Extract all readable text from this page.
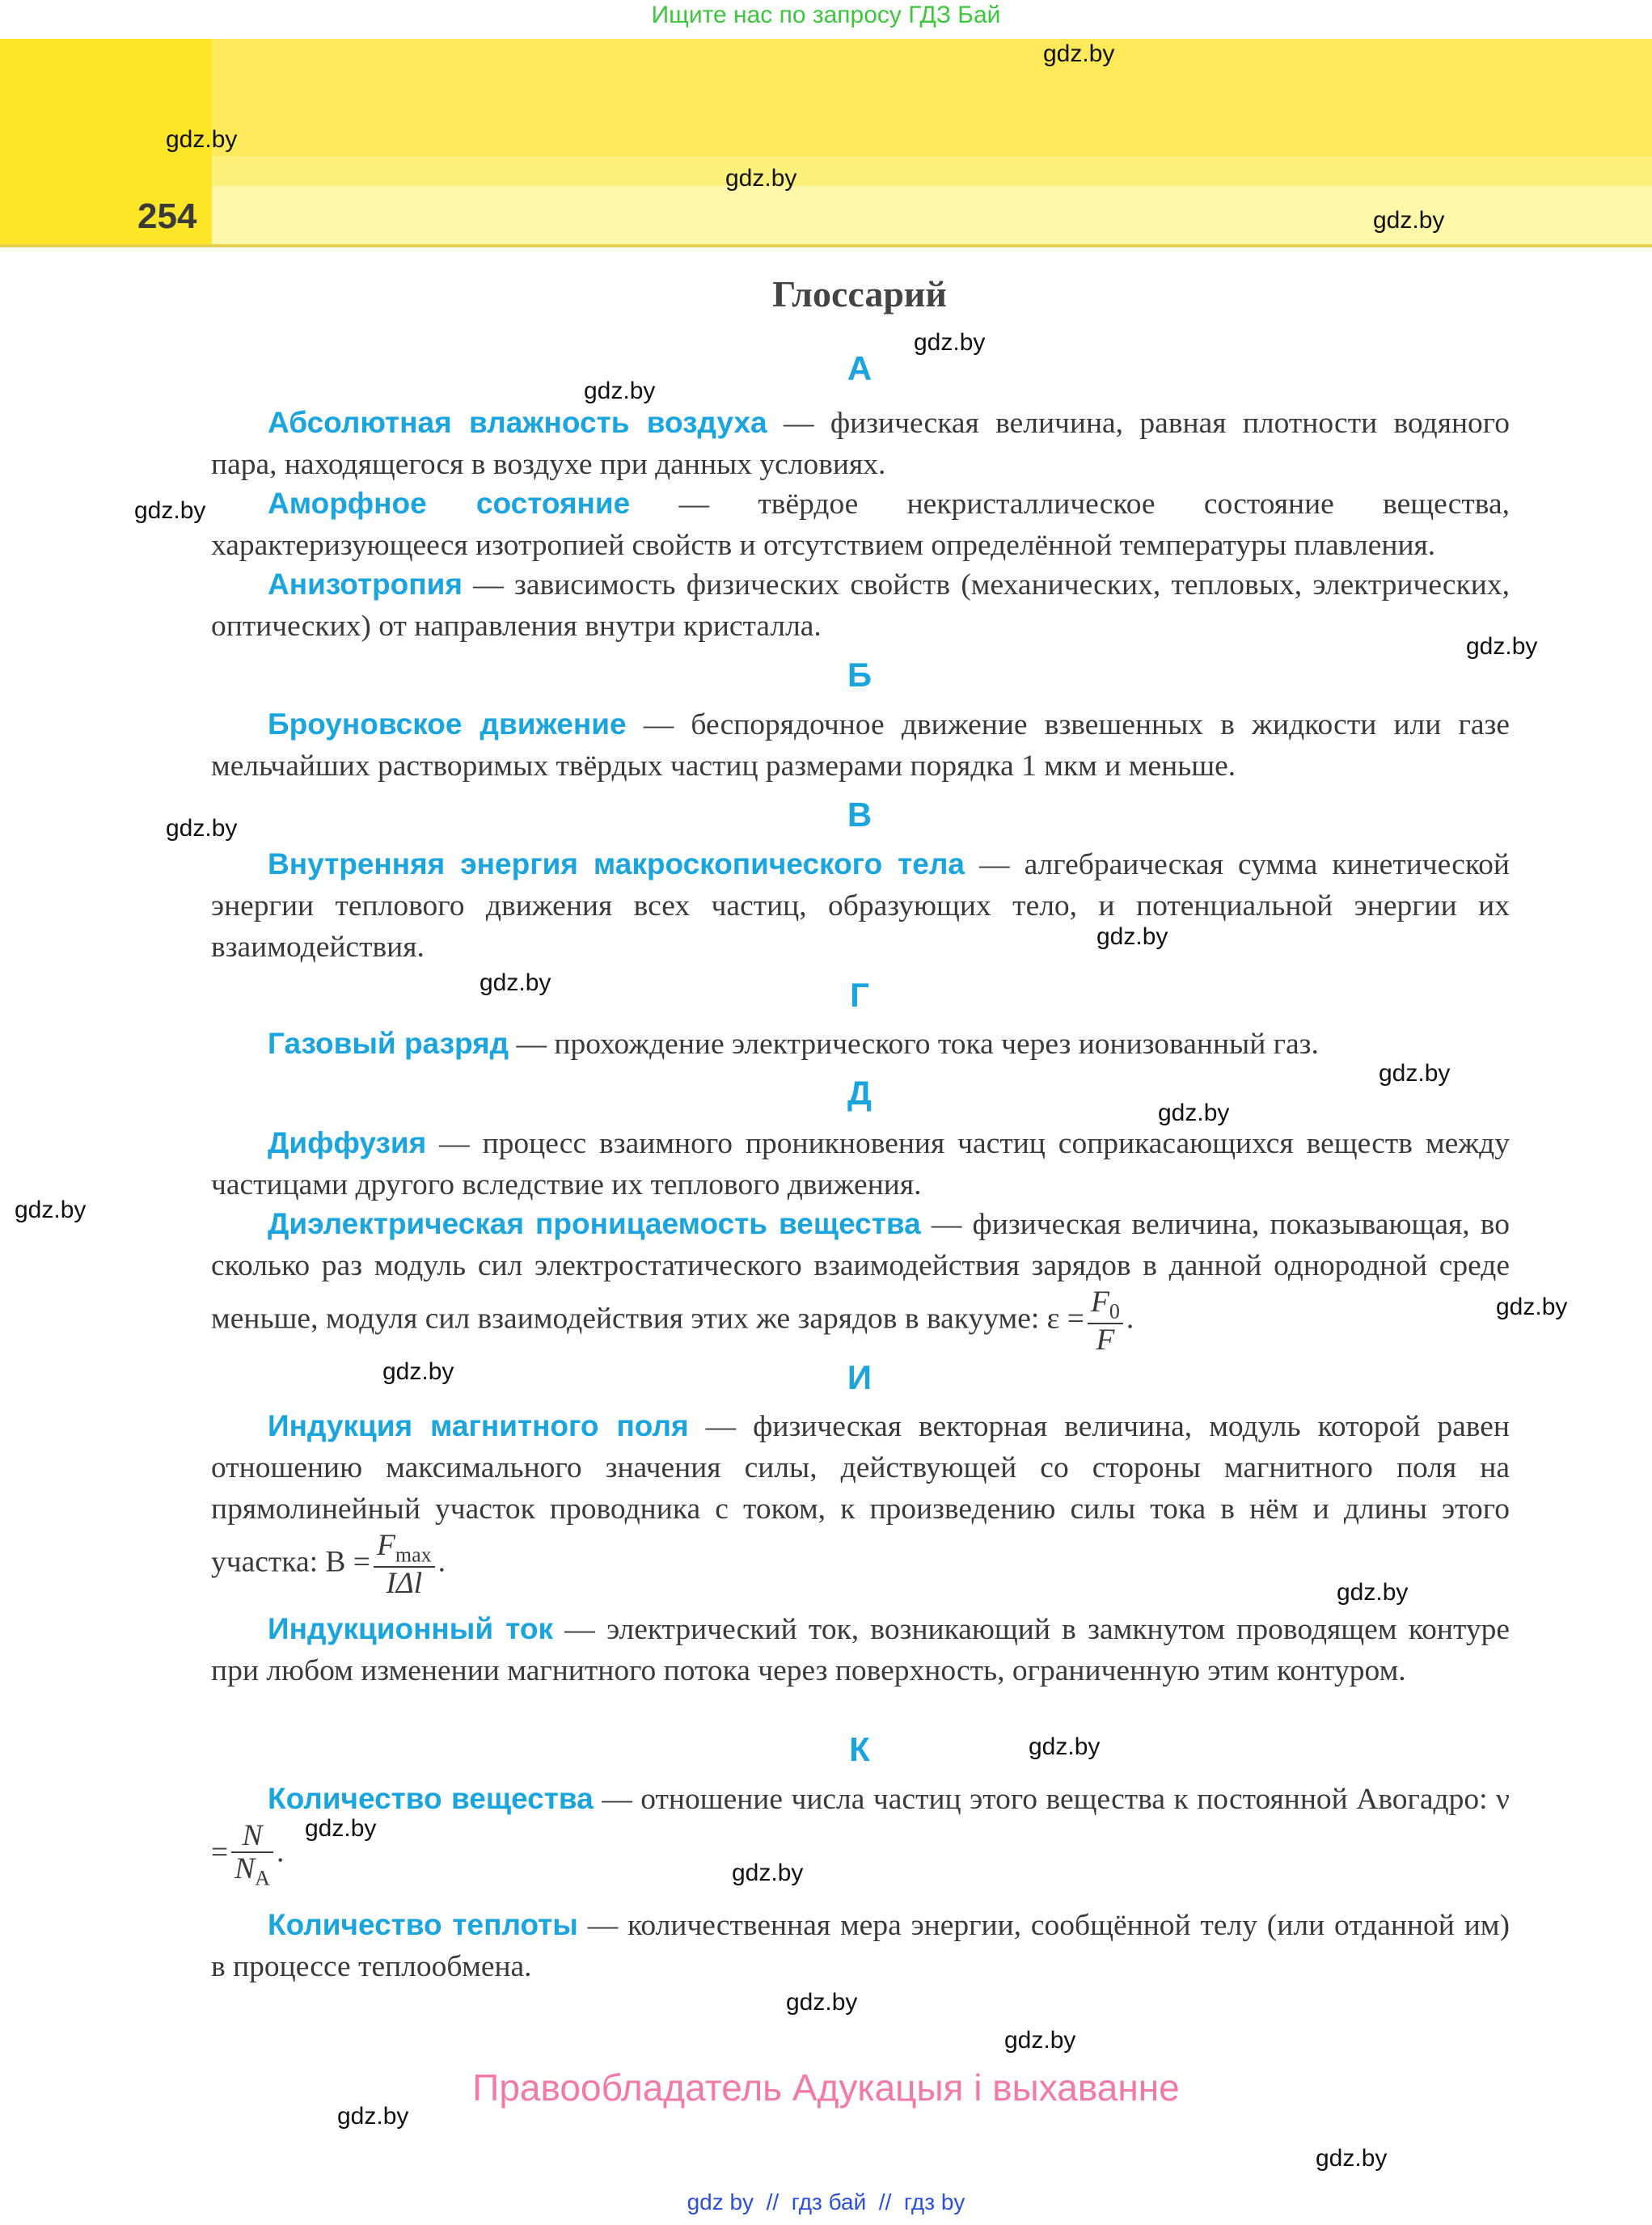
Ищите нас по запросу ГДЗ Бай
254
Глоссарий
А
Абсолютная влажность воздуха — физическая величина, равная плотности водяного пара, находящегося в воздухе при данных условиях.
Аморфное состояние — твёрдое некристаллическое состояние вещества, характеризующееся изотропией свойств и отсутствием определённой температуры плавления.
Анизотропия — зависимость физических свойств (механических, тепловых, электрических, оптических) от направления внутри кристалла.
Б
Броуновское движение — беспорядочное движение взвешенных в жидкости или газе мельчайших растворимых твёрдых частиц размерами порядка 1 мкм и меньше.
В
Внутренняя энергия макроскопического тела — алгебраическая сумма кинетической энергии теплового движения всех частиц, образующих тело, и потенциальной энергии их взаимодействия.
Г
Газовый разряд — прохождение электрического тока через ионизованный газ.
Д
Диффузия — процесс взаимного проникновения частиц соприкасающихся веществ между частицами другого вследствие их теплового движения.
Диэлектрическая проницаемость вещества — физическая величина, показывающая, во сколько раз модуль сил электростатического взаимодействия зарядов в данной однородной среде меньше, модуля сил взаимодействия этих же зарядов в вакууме: $\varepsilon = \frac{F_0}{F}$ .
И
Индукция магнитного поля — физическая векторная величина, модуль которой равен отношению максимального значения силы, действующей со стороны магнитного поля на прямолинейный участок проводника с током, к произведению силы тока в нём и длины этого участка: $B = \frac{F_{max}}{\text{IΔl}}$ .
Индукционный ток — электрический ток, возникающий в замкнутом проводящем контуре при любом изменении магнитного потока через поверхность, ограниченную этим контуром.
К
Количество вещества — отношение числа частиц этого вещества к постоянной Авогадро: $\nu = \frac{N}{N_A}$ .
Количество теплоты — количественная мера энергии, сообщённой телу (или отданной им) в процессе теплообмена.
gdz.by
gdz.by
gdz.by
gdz.by
gdz.by
gdz.by
gdz.by
gdz.by
gdz.by
gdz.by
gdz.by
gdz.by
gdz.by
gdz.by
gdz.by
gdz.by
gdz.by
gdz.by
gdz.by
gdz.by
gdz.by
gdz.by
gdz.by
gdz.by
Правообладатель Адукацыя і выхаванне
gdz by  //  гдз бай  //  гдз by
